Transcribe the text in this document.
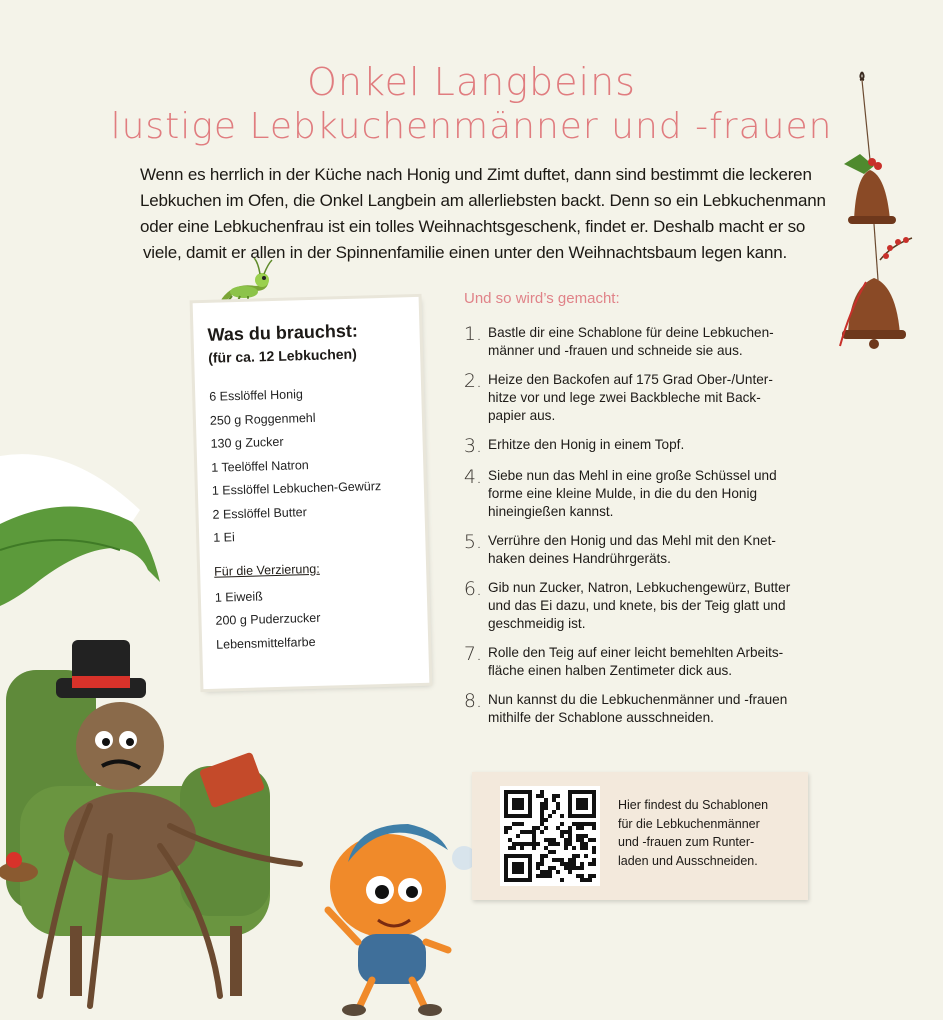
Onkel Langbeins
lustige Lebkuchenmänner und -frauen
Wenn es herrlich in der Küche nach Honig und Zimt duftet, dann sind bestimmt die leckeren
Lebkuchen im Ofen, die Onkel Langbein am allerliebsten backt. Denn so ein Lebkuchenmann
oder eine Lebkuchenfrau ist ein tolles Weihnachtsgeschenk, findet er. Deshalb macht er so
viele, damit er allen in der Spinnenfamilie einen unter den Weihnachtsbaum legen kann.
Was du brauchst:
(für ca. 12 Lebkuchen)
6 Esslöffel Honig
250 g Roggenmehl
130 g Zucker
1 Teelöffel Natron
1 Esslöffel Lebkuchen-Gewürz
2 Esslöffel Butter
1 Ei
Für die Verzierung:
1 Eiweiß
200 g Puderzucker
Lebensmittelfarbe
Und so wird’s gemacht:
1. Bastle dir eine Schablone für deine Lebkuchen-
männer und -frauen und schneide sie aus.
2. Heize den Backofen auf 175 Grad Ober-/Unter-
hitze vor und lege zwei Backbleche mit Back-
papier aus.
3. Erhitze den Honig in einem Topf.
4. Siebe nun das Mehl in eine große Schüssel und
forme eine kleine Mulde, in die du den Honig
hineingießen kannst.
5. Verrühre den Honig und das Mehl mit den Knet-
haken deines Handrührgeräts.
6. Gib nun Zucker, Natron, Lebkuchengewürz, Butter
und das Ei dazu, und knete, bis der Teig glatt und
geschmeidig ist.
7. Rolle den Teig auf einer leicht bemehlten Arbeits-
fläche einen halben Zentimeter dick aus.
8. Nun kannst du die Lebkuchenmänner und -frauen
mithilfe der Schablone ausschneiden.
Hier findest du Schablonen
für die Lebkuchenmänner
und -frauen zum Runter-
laden und Ausschneiden.
